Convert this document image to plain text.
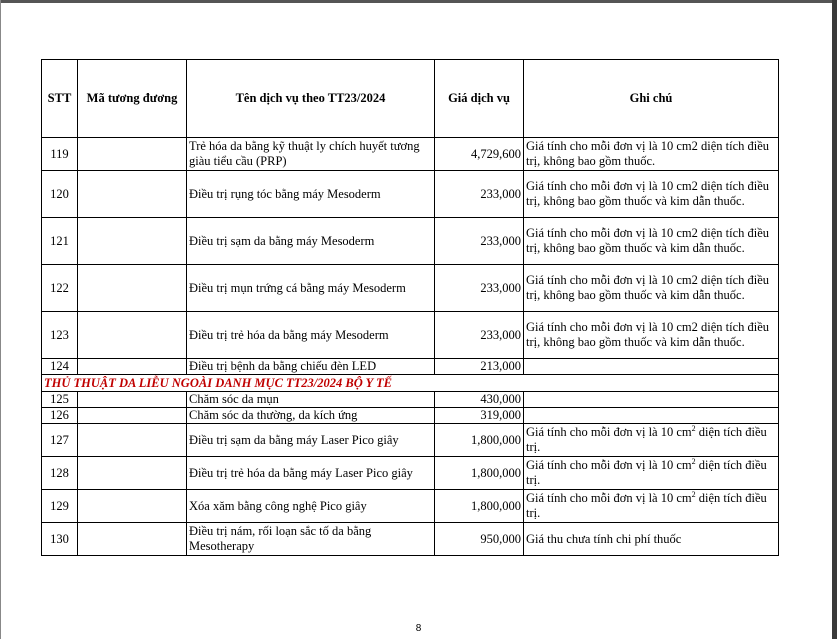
STT	Mã tương đương	Tên dịch vụ theo TT23/2024	Giá dịch vụ	Ghi chú
119		Trẻ hóa da bằng kỹ thuật ly chích huyết tương giàu tiểu cầu (PRP)	4,729,600	Giá tính cho mỗi đơn vị là 10 cm2 diện tích điều trị, không bao gồm thuốc.
120		Điều trị rụng tóc bằng máy Mesoderm	233,000	Giá tính cho mỗi đơn vị là 10 cm2 diện tích điều trị, không bao gồm thuốc và kim dẫn thuốc.
121		Điều trị sạm da bằng máy Mesoderm	233,000	Giá tính cho mỗi đơn vị là 10 cm2 diện tích điều trị, không bao gồm thuốc và kim dẫn thuốc.
122		Điều trị mụn trứng cá bằng máy Mesoderm	233,000	Giá tính cho mỗi đơn vị là 10 cm2 diện tích điều trị, không bao gồm thuốc và kim dẫn thuốc.
123		Điều trị trẻ hóa da bằng máy Mesoderm	233,000	Giá tính cho mỗi đơn vị là 10 cm2 diện tích điều trị, không bao gồm thuốc và kim dẫn thuốc.
124		Điều trị bệnh da bằng chiếu đèn LED	213,000	
THỦ THUẬT DA LIỄU NGOÀI DANH MỤC TT23/2024 BỘ Y TẾ				
125		Chăm sóc da mụn	430,000	
126		Chăm sóc da thường, da kích ứng	319,000	
127		Điều trị sạm da bằng máy Laser Pico giây	1,800,000	Giá tính cho mỗi đơn vị là 10 $cm^2$ diện tích điều trị.
128		Điều trị trẻ hóa da bằng máy Laser Pico giây	1,800,000	Giá tính cho mỗi đơn vị là 10 $cm^2$ diện tích điều trị.
129		Xóa xăm bằng công nghệ Pico giây	1,800,000	Giá tính cho mỗi đơn vị là 10 $cm^2$ diện tích điều trị.
130		Điều trị nám, rối loạn sắc tố da bằng Mesotherapy	950,000	Giá thu chưa tính chi phí thuốc
8
